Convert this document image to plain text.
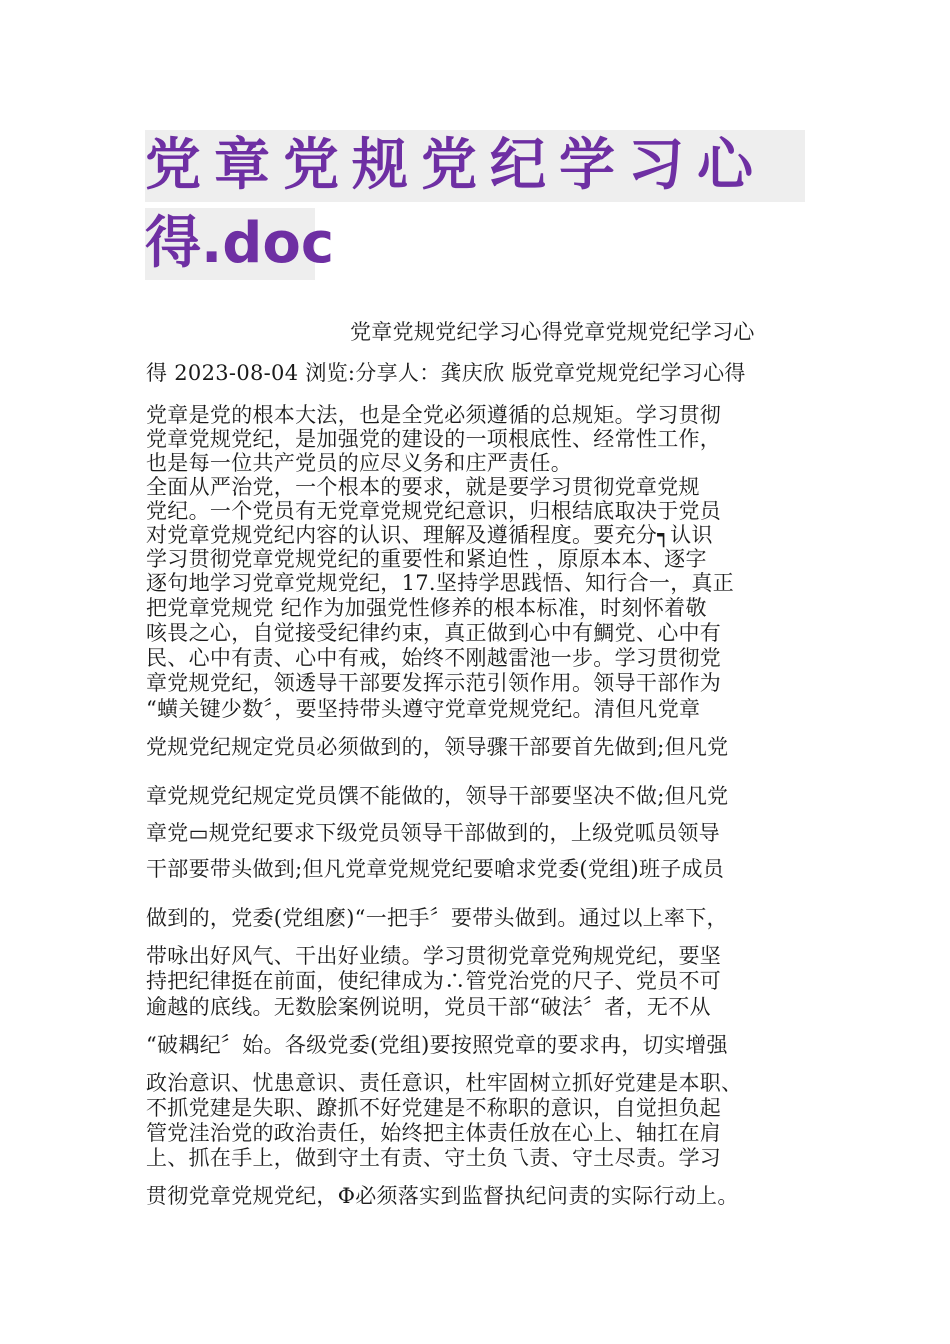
党章党规党纪学习心
得.doc
党章党规党纪学习心得党章党规党纪学习心
得 2023-08-04 浏览:分享人：龚庆欣 版党章党规党纪学习心得
党章是党的根本大法，也是全党必须遵循的总规矩。学习贯彻
党章党规党纪，是加强党的建设的一项根底性、经常性工作，
也是每一位共产党员的应尽义务和庄严责任。
全面从严治党，一个根本的要求，就是要学习贯彻党章党规
党纪。一个党员有无党章党规党纪意识，归根结底取决于党员
对党章党规党纪内容的认识、理解及遵循程度。要充分┑认识
学习贯彻党章党规党纪的重要性和紧迫性 ，原原本本、逐字
逐句地学习党章党规党纪，17.坚持学思践悟、知行合一，真正
把党章党规党 纪作为加强党性修养的根本标准，时刻怀着敬
咳畏之心，自觉接受纪律约束，真正做到心中有鯛党、心中有
民、心中有责、心中有戒，始终不刚越雷池一步。学习贯彻党
章党规党纪，领透导干部要发挥示范引领作用。领导干部作为
“蟥关键少数〞，要坚持带头遵守党章党规党纪。清但凡党章
党规党纪规定党员必须做到的，领导骤干部要首先做到;但凡党
章党规党纪规定党员馔不能做的，领导干部要坚决不做;但凡党
章党▭规党纪要求下级党员领导干部做到的，上级党呱员领导
干部要带头做到;但凡党章党规党纪要嗆求党委(党组)班子成员
做到的，党委(党组麽)“一把手〞要带头做到。通过以上率下，
带咏出好风气、干出好业绩。学习贯彻党章党殉规党纪，要坚
持把纪律挺在前面，使纪律成为∴管党治党的尺子、党员不可
逾越的底线。无数脍案例说明，党员干部“破法〞者，无不从
“破耦纪〞始。各级党委(党组)要按照党章的要求冉，切实增强
政治意识、忧患意识、责任意识，杜牢固树立抓好党建是本职、
不抓党建是失职、蹽抓不好党建是不称职的意识，自觉担负起
管党洼治党的政治责任，始终把主体责任放在心上、轴扛在肩
上、抓在手上，做到守土有责、守土负乁责、守土尽责。学习
贯彻党章党规党纪，Φ必须落实到监督执纪问责的实际行动上。
